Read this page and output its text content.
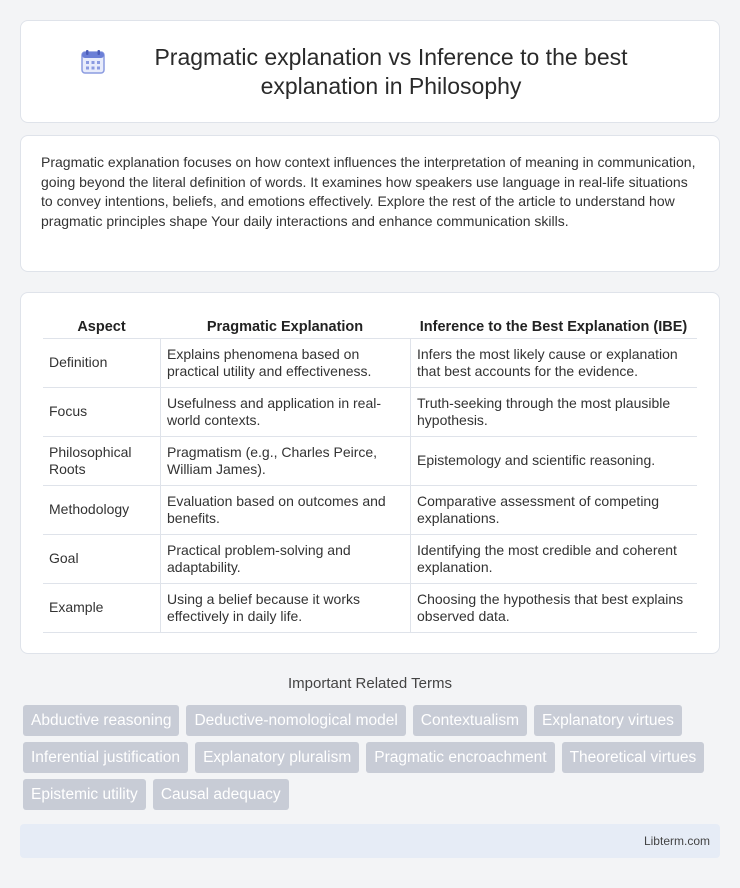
Pragmatic explanation vs Inference to the best explanation in Philosophy

Pragmatic explanation focuses on how context influences the interpretation of meaning in communication, going beyond the literal definition of words. It examines how speakers use language in real-life situations to convey intentions, beliefs, and emotions effectively. Explore the rest of the article to understand how pragmatic principles shape Your daily interactions and enhance communication skills.

Aspect	Pragmatic Explanation	Inference to the Best Explanation (IBE)
Definition	Explains phenomena based on practical utility and effectiveness.	Infers the most likely cause or explanation that best accounts for the evidence.
Focus	Usefulness and application in real-world contexts.	Truth-seeking through the most plausible hypothesis.
Philosophical Roots	Pragmatism (e.g., Charles Peirce, William James).	Epistemology and scientific reasoning.
Methodology	Evaluation based on outcomes and benefits.	Comparative assessment of competing explanations.
Goal	Practical problem-solving and adaptability.	Identifying the most credible and coherent explanation.
Example	Using a belief because it works effectively in daily life.	Choosing the hypothesis that best explains observed data.
Important Related Terms
Abductive reasoning	Deductive-nomological model	Contextualism	Explanatory virtues
Inferential justification	Explanatory pluralism	Pragmatic encroachment	Theoretical virtues
Epistemic utility	Causal adequacy
Libterm.com
